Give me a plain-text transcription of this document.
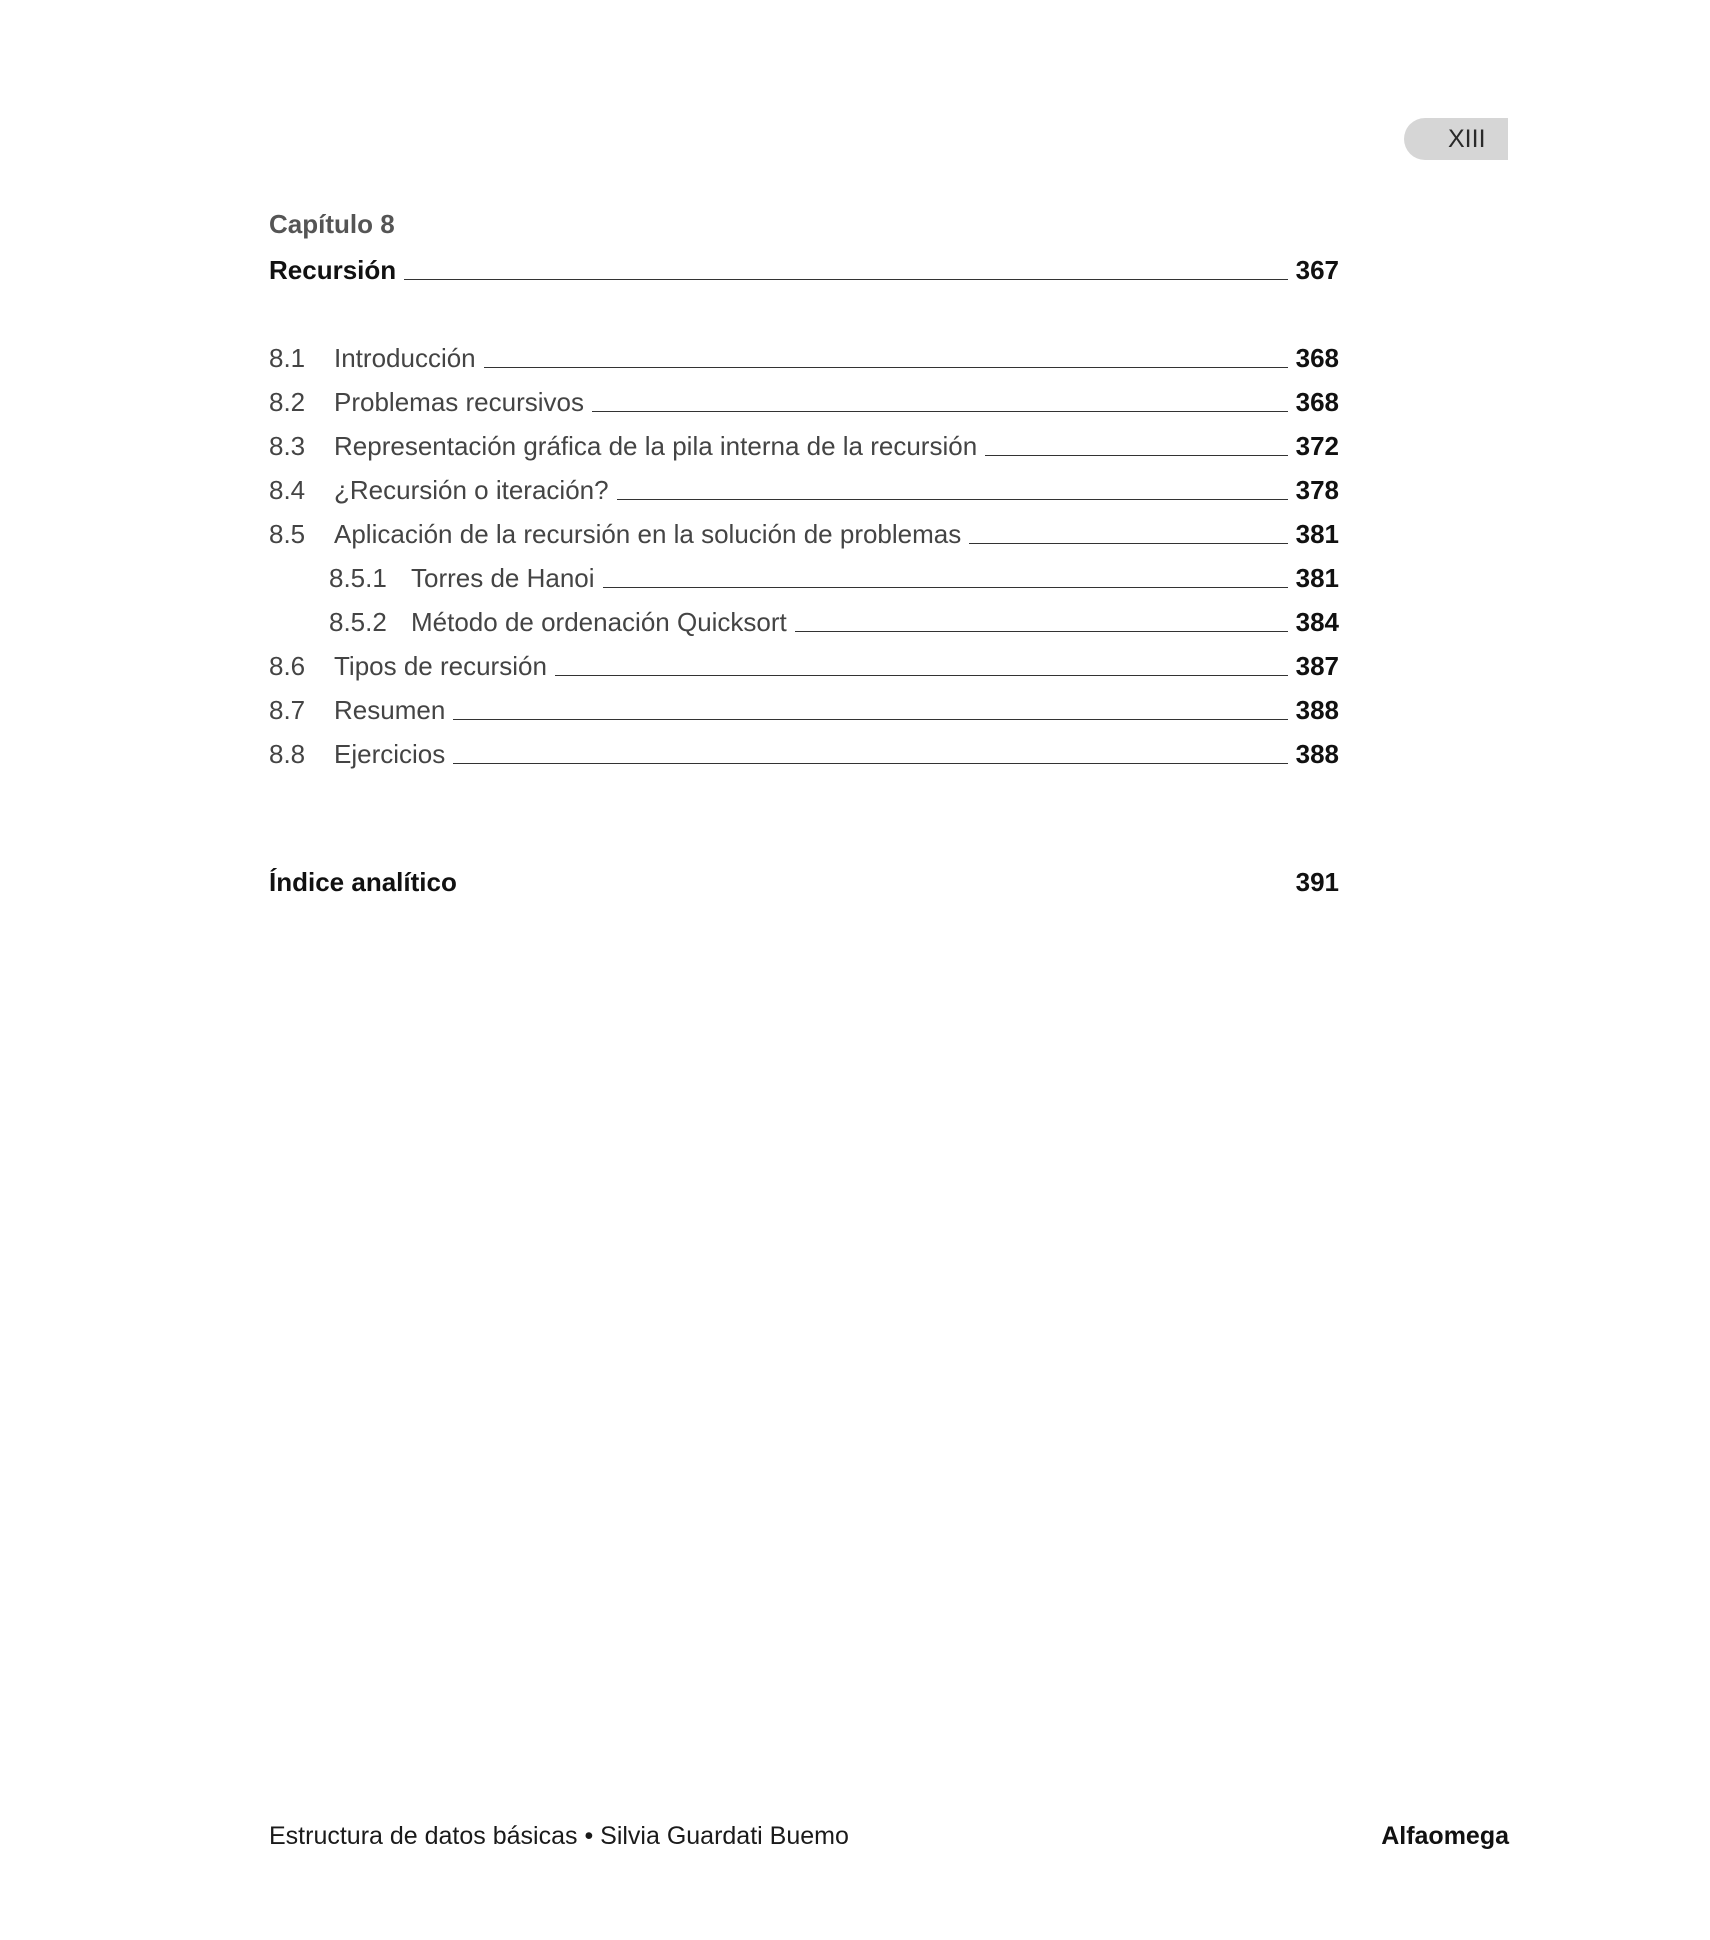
XIII
Capítulo 8
Recursión	367
8.1	Introducción	368
8.2	Problemas recursivos	368
8.3	Representación gráfica de la pila interna de la recursión	372
8.4	¿Recursión o iteración?	378
8.5	Aplicación de la recursión en la solución de problemas	381
8.5.1 Torres de Hanoi	381
8.5.2 Método de ordenación Quicksort	384
8.6	Tipos de recursión	387
8.7	Resumen	388
8.8	Ejercicios	388
Índice analítico	391
Estructura de datos básicas • Silvia Guardati Buemo	Alfaomega
